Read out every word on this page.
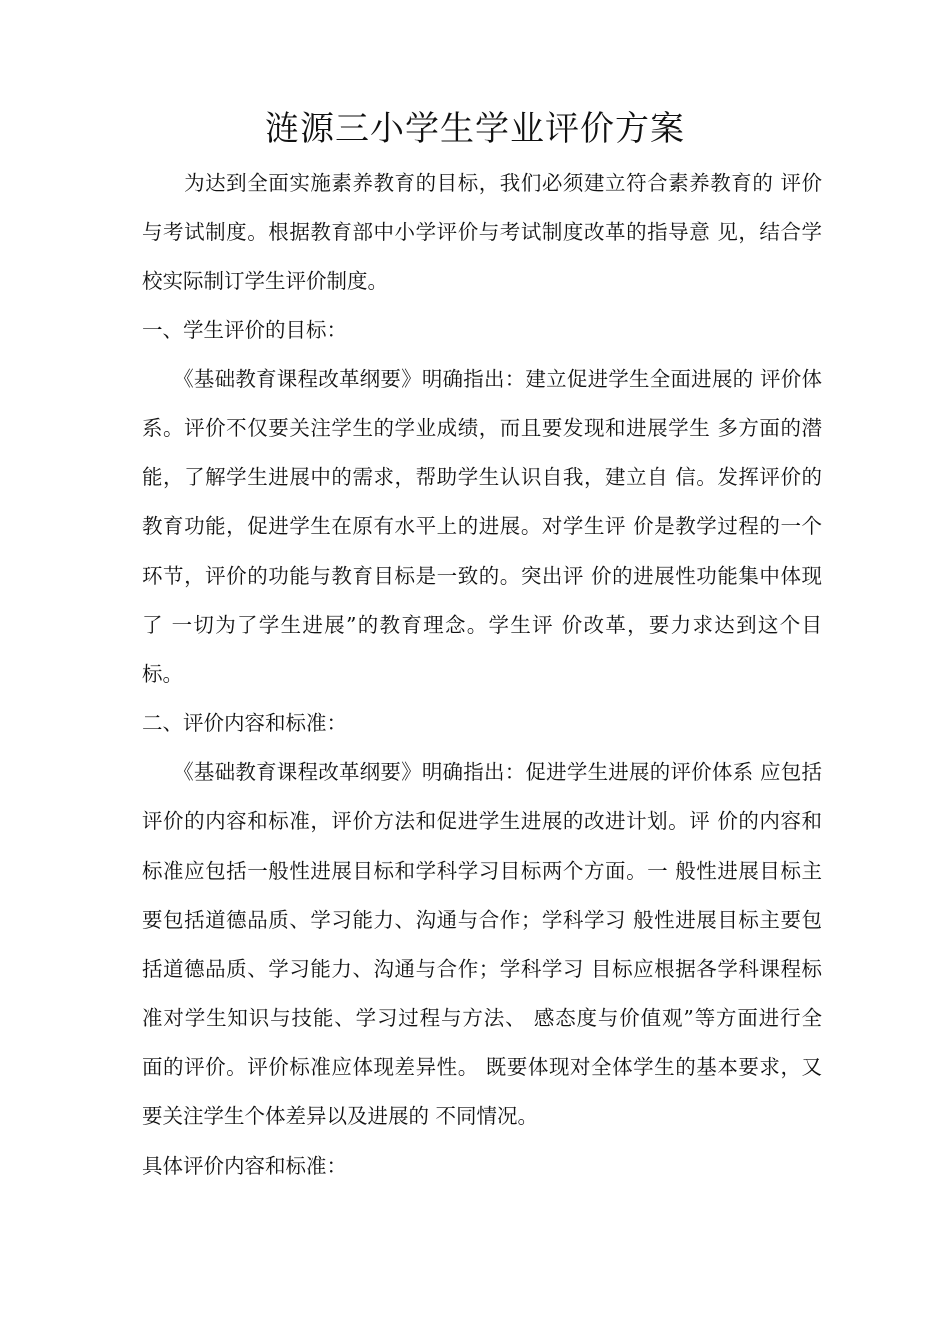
涟源三小学生学业评价方案

　　为达到全面实施素养教育的目标，我们必须建立符合素养教育的 评价

与考试制度。根据教育部中小学评价与考试制度改革的指导意 见，结合学

校实际制订学生评价制度。

一、学生评价的目标：

　　《基础教育课程改革纲要》明确指出：建立促进学生全面进展的 评价体

系。评价不仅要关注学生的学业成绩，而且要发现和进展学生 多方面的潜

能，了解学生进展中的需求，帮助学生认识自我，建立自 信。发挥评价的

教育功能，促进学生在原有水平上的进展。对学生评 价是教学过程的一个

环节，评价的功能与教育目标是一致的。突出评 价的进展性功能集中体现

了 一切为了学生进展”的教育理念。学生评 价改革，要力求达到这个目

标。

二、评价内容和标准：

　　《基础教育课程改革纲要》明确指出：促进学生进展的评价体系 应包括

评价的内容和标准，评价方法和促进学生进展的改进计划。评 价的内容和

标准应包括一般性进展目标和学科学习目标两个方面。一 般性进展目标主

要包括道德品质、学习能力、沟通与合作；学科学习 般性进展目标主要包

括道德品质、学习能力、沟通与合作；学科学习 目标应根据各学科课程标

准对学生知识与技能、学习过程与方法、 感态度与价值观”等方面进行全

面的评价。评价标准应体现差异性。 既要体现对全体学生的基本要求，又

要关注学生个体差异以及进展的 不同情况。

具体评价内容和标准：
